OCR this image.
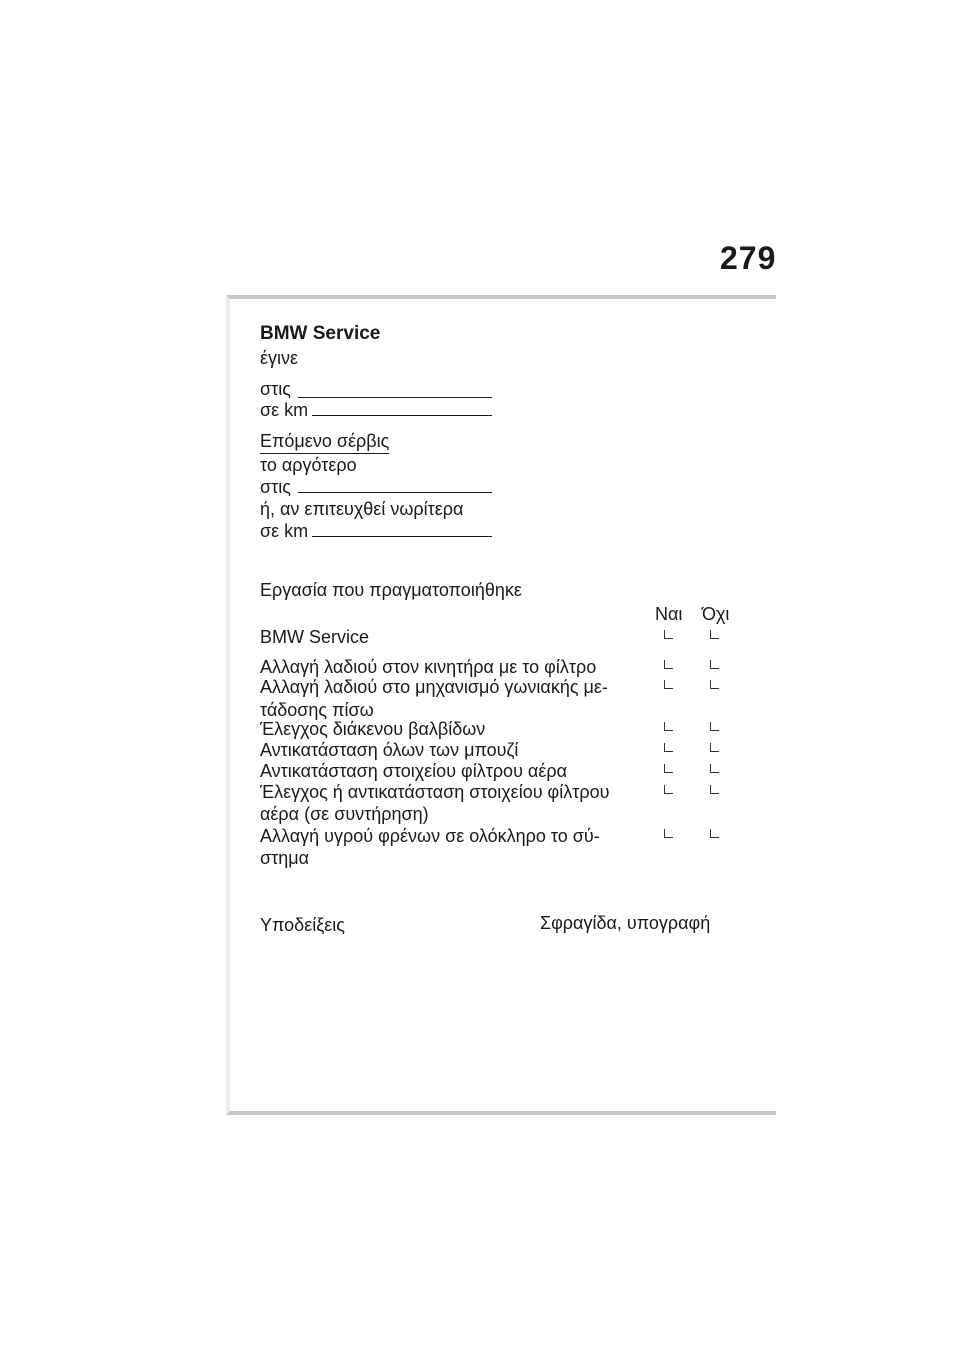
279
BMW Service
έγινε
στις
σε km
Επόμενο σέρβις
το αργότερο
στις
ή, αν επιτευχθεί νωρίτερα
σε km
Εργασία που πραγματοποιήθηκε
Ναι Όχι
BMW Service
Αλλαγή λαδιού στον κινητήρα με το φίλτρο
Αλλαγή λαδιού στο μηχανισμό γωνιακής με-
τάδοσης πίσω
Έλεγχος διάκενου βαλβίδων
Αντικατάσταση όλων των μπουζί
Αντικατάσταση στοιχείου φίλτρου αέρα
Έλεγχος ή αντικατάσταση στοιχείου φίλτρου
αέρα (σε συντήρηση)
Αλλαγή υγρού φρένων σε ολόκληρο το σύ-
στημα
Υποδείξεις	Σφραγίδα, υπογραφή
